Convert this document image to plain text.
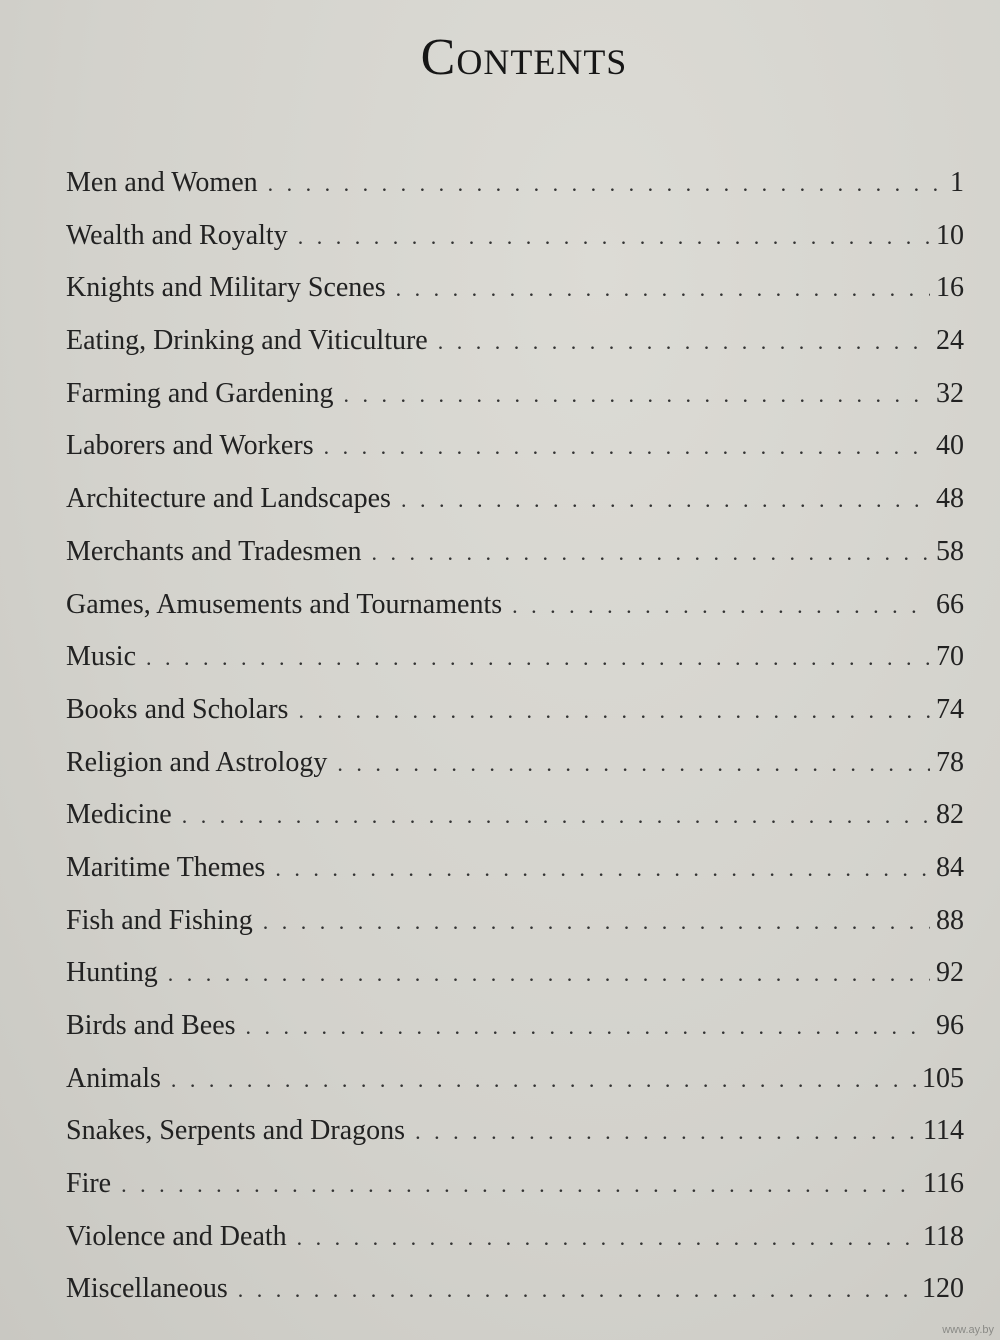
Contents
Men and Women . . .	1
Wealth and Royalty . . .	10
Knights and Military Scenes . . .	16
Eating, Drinking and Viticulture . . .	24
Farming and Gardening . . .	32
Laborers and Workers . . .	40
Architecture and Landscapes . . .	48
Merchants and Tradesmen . . .	58
Games, Amusements and Tournaments . . .	66
Music . . .	70
Books and Scholars . . .	74
Religion and Astrology . . .	78
Medicine . . .	82
Maritime Themes . . .	84
Fish and Fishing . . .	88
Hunting . . .	92
Birds and Bees . . .	96
Animals . . .	105
Snakes, Serpents and Dragons . . .	114
Fire . . .	116
Violence and Death . . .	118
Miscellaneous . . .	120
www.ay.by
